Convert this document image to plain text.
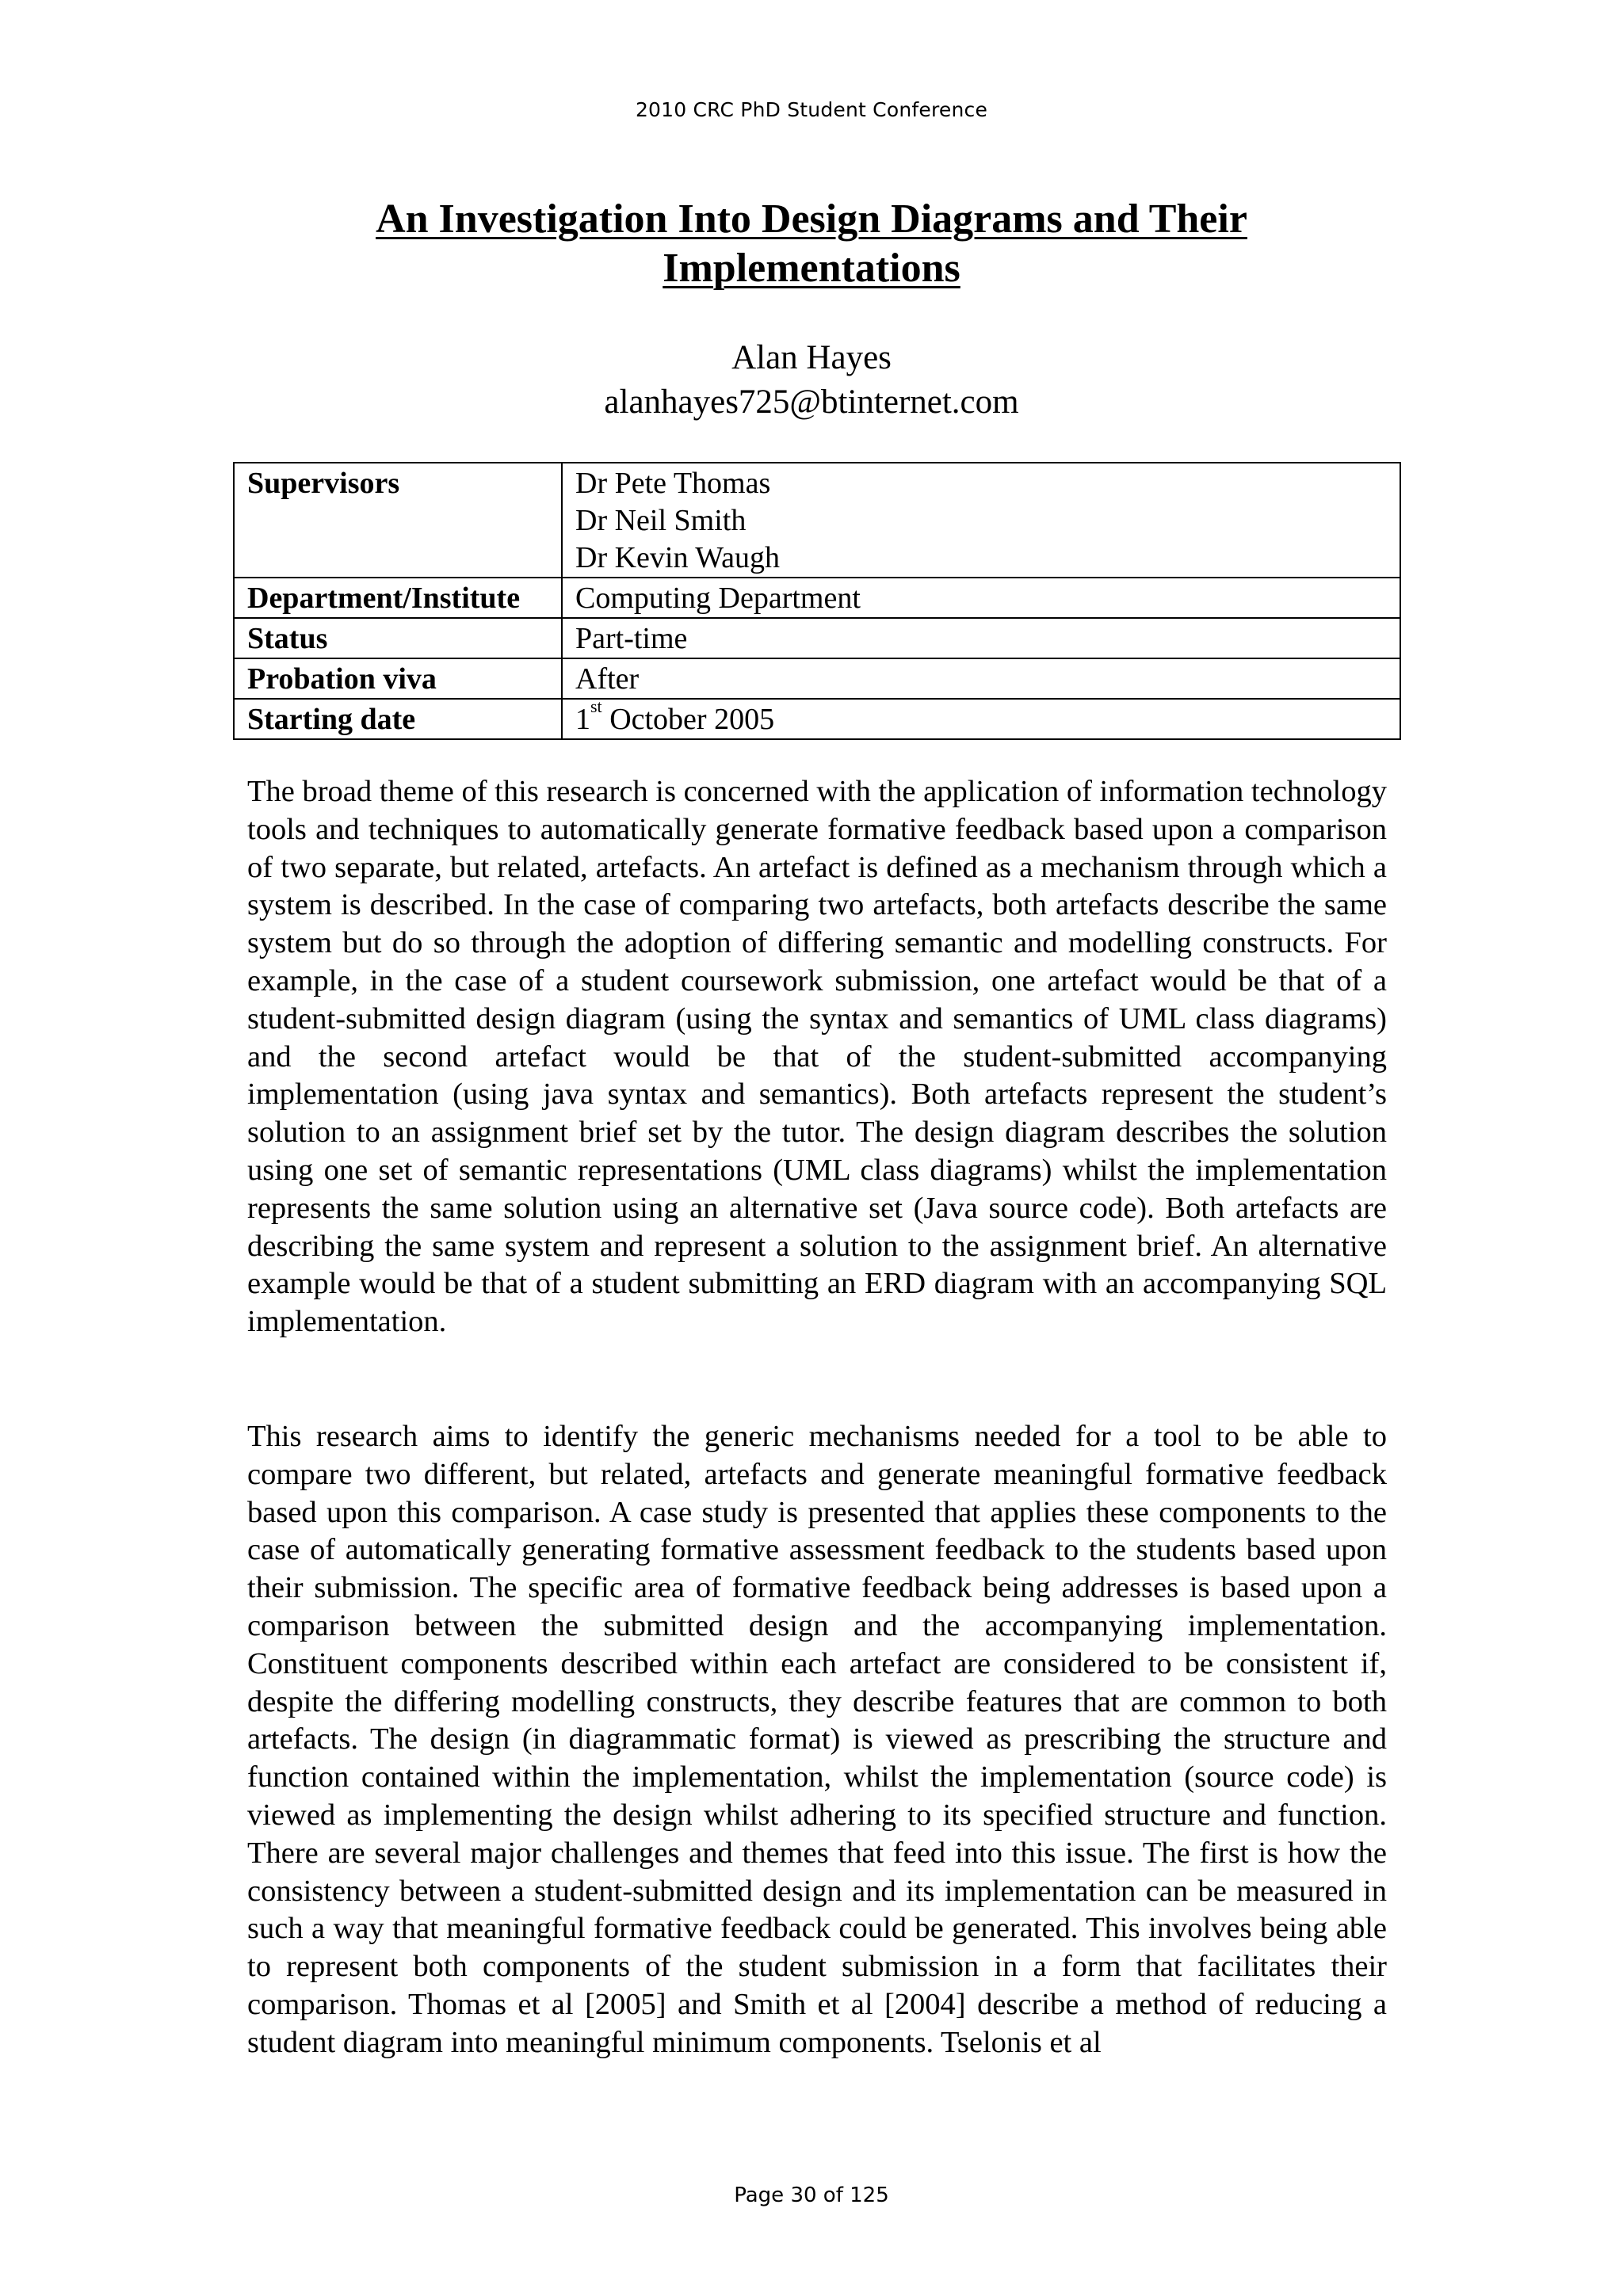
2010 CRC PhD Student Conference
An Investigation Into Design Diagrams and Their
Implementations
Alan Hayes
alanhayes725@btinternet.com
Supervisors	Dr Pete Thomas
Dr Neil Smith
Dr Kevin Waugh

Department/Institute	Computing Department
Status	Part-time
Probation viva	After
Starting date	1st October 2005

The broad theme of this research is concerned with the application of information technology tools and techniques to automatically generate formative feedback based upon a comparison of two separate, but related, artefacts. An artefact is defined as a mechanism through which a system is described. In the case of comparing two artefacts, both artefacts describe the same system but do so through the adoption of differing semantic and modelling constructs. For example, in the case of a student coursework submission, one artefact would be that of a student-submitted design diagram (using the syntax and semantics of UML class diagrams) and the second artefact would be that of the student-submitted accompanying implementation (using java syntax and semantics). Both artefacts represent the student’s solution to an assignment brief set by the tutor. The design diagram describes the solution using one set of semantic representations (UML class diagrams) whilst the implementation represents the same solution using an alternative set (Java source code). Both artefacts are describing the same system and represent a solution to the assignment brief. An alternative example would be that of a student submitting an ERD diagram with an accompanying SQL implementation.

This research aims to identify the generic mechanisms needed for a tool to be able to compare two different, but related, artefacts and generate meaningful formative feedback based upon this comparison. A case study is presented that applies these components to the case of automatically generating formative assessment feedback to the students based upon their submission. The specific area of formative feedback being addresses is based upon a comparison between the submitted design and the accompanying implementation. Constituent components described within each artefact are considered to be consistent if, despite the differing modelling constructs, they describe features that are common to both artefacts. The design (in diagrammatic format) is viewed as prescribing the structure and function contained within the implementation, whilst the implementation (source code) is viewed as implementing the design whilst adhering to its specified structure and function. There are several major challenges and themes that feed into this issue. The first is how the consistency between a student-submitted design and its implementation can be measured in such a way that meaningful formative feedback could be generated. This involves being able to represent both components of the student submission in a form that facilitates their comparison. Thomas et al [2005] and Smith et al [2004] describe a method of reducing a student diagram into meaningful minimum components. Tselonis et al

Page 30 of 125
